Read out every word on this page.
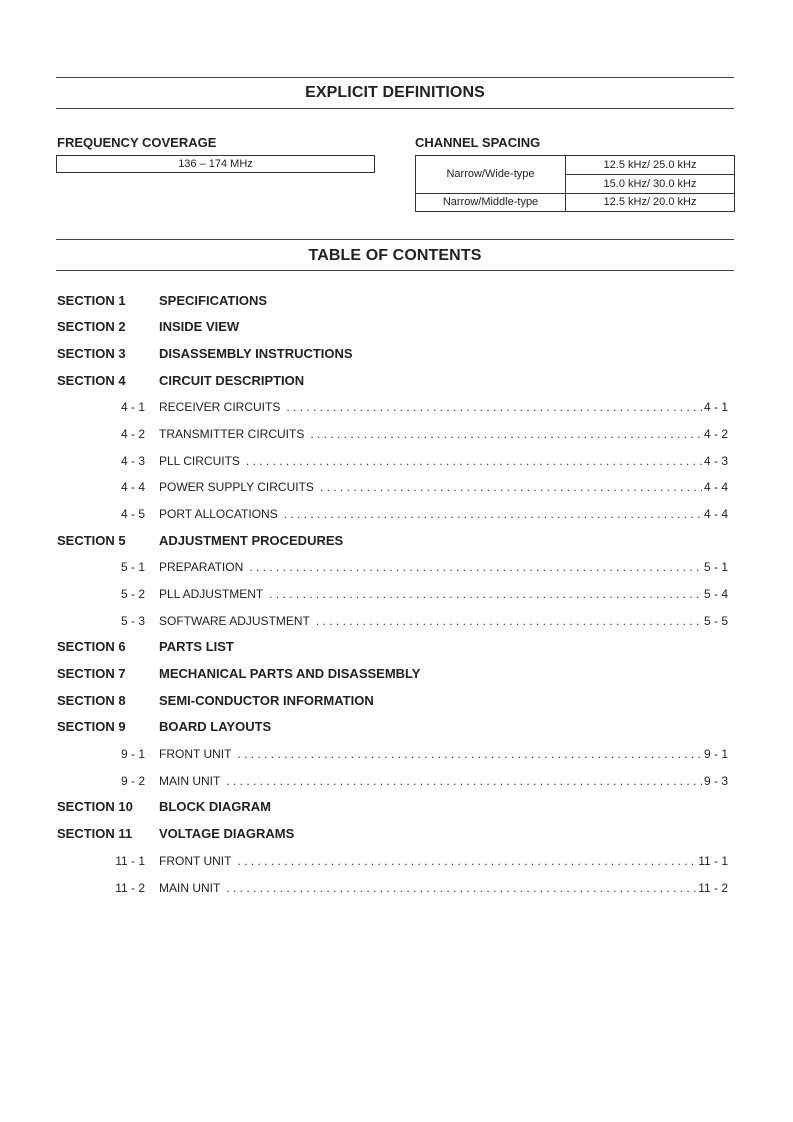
EXPLICIT DEFINITIONS
FREQUENCY COVERAGE
136 – 174 MHz
CHANNEL SPACING
Narrow/Wide-type	12.5 kHz/ 25.0 kHz
	15.0 kHz/ 30.0 kHz
Narrow/Middle-type	12.5 kHz/ 20.0 kHz
TABLE OF CONTENTS
SECTION 1	SPECIFICATIONS
SECTION 2	INSIDE VIEW
SECTION 3	DISASSEMBLY INSTRUCTIONS
SECTION 4	CIRCUIT DESCRIPTION
4 - 1 RECEIVER CIRCUITS . . .	4 - 1
4 - 2 TRANSMITTER CIRCUITS . . .	4 - 2
4 - 3 PLL CIRCUITS . . .	4 - 3
4 - 4 POWER SUPPLY CIRCUITS . . .	4 - 4
4 - 5 PORT ALLOCATIONS . . .	4 - 4
SECTION 5	ADJUSTMENT PROCEDURES
5 - 1 PREPARATION . . .	5 - 1
5 - 2 PLL ADJUSTMENT . . .	5 - 4
5 - 3 SOFTWARE ADJUSTMENT . . .	5 - 5
SECTION 6	PARTS LIST
SECTION 7	MECHANICAL PARTS AND DISASSEMBLY
SECTION 8	SEMI-CONDUCTOR INFORMATION
SECTION 9	BOARD LAYOUTS
9 - 1 FRONT UNIT . . .	9 - 1
9 - 2 MAIN UNIT . . .	9 - 3
SECTION 10 BLOCK DIAGRAM
SECTION 11 VOLTAGE DIAGRAMS
11 - 1 FRONT UNIT . . .	11 - 1
11 - 2 MAIN UNIT . . .	11 - 2
